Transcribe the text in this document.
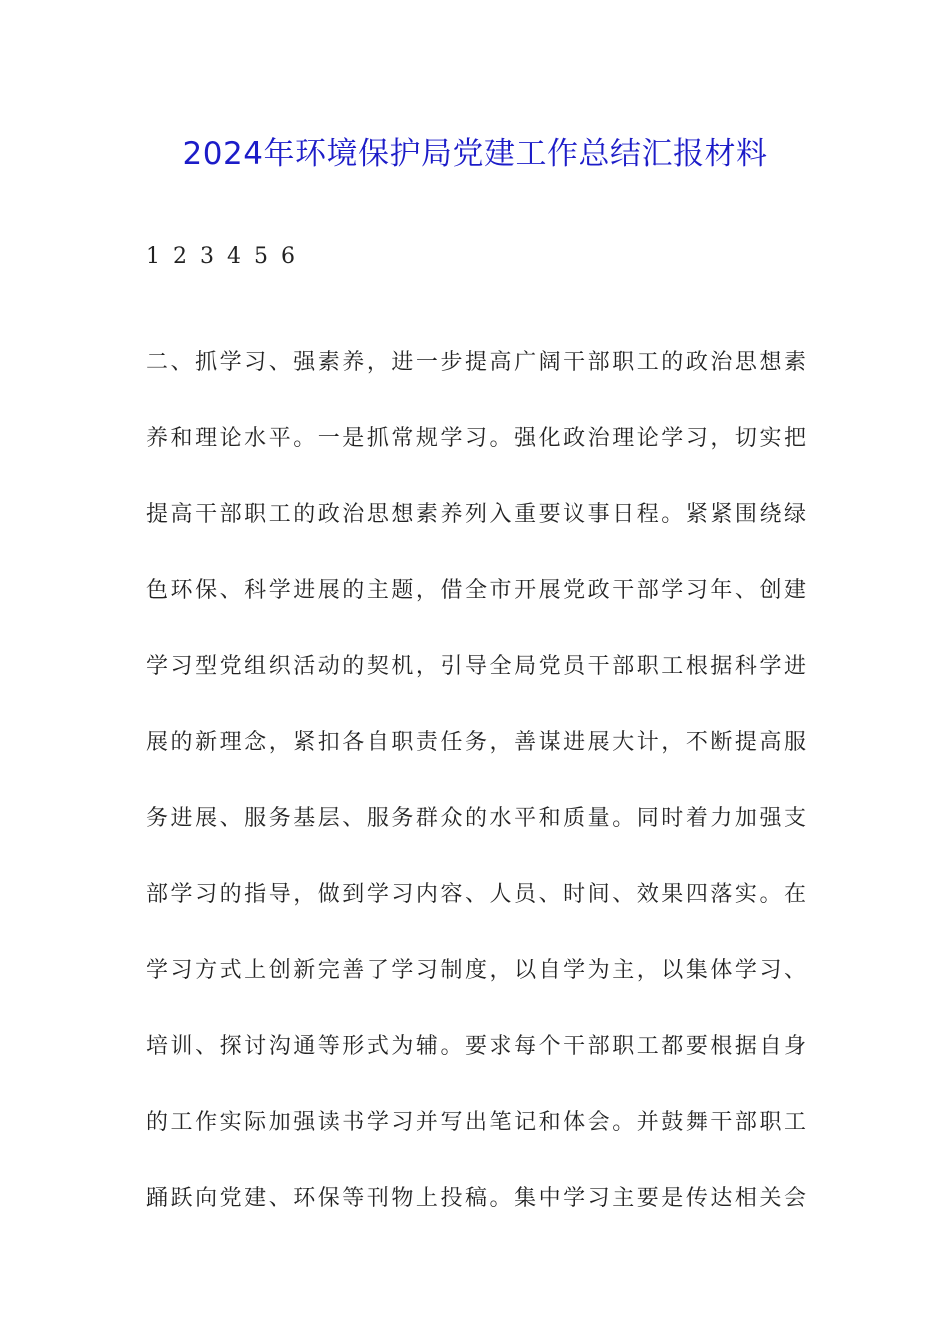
2024年环境保护局党建工作总结汇报材料
1 2 3 4 5 6
二、抓学习、强素养，进一步提高广阔干部职工的政治思想素
养和理论水平。一是抓常规学习。强化政治理论学习，切实把
提高干部职工的政治思想素养列入重要议事日程。紧紧围绕绿
色环保、科学进展的主题，借全市开展党政干部学习年、创建
学习型党组织活动的契机，引导全局党员干部职工根据科学进
展的新理念，紧扣各自职责任务，善谋进展大计，不断提高服
务进展、服务基层、服务群众的水平和质量。同时着力加强支
部学习的指导，做到学习内容、人员、时间、效果四落实。在
学习方式上创新完善了学习制度，以自学为主，以集体学习、
培训、探讨沟通等形式为辅。要求每个干部职工都要根据自身
的工作实际加强读书学习并写出笔记和体会。并鼓舞干部职工
踊跃向党建、环保等刊物上投稿。集中学习主要是传达相关会
